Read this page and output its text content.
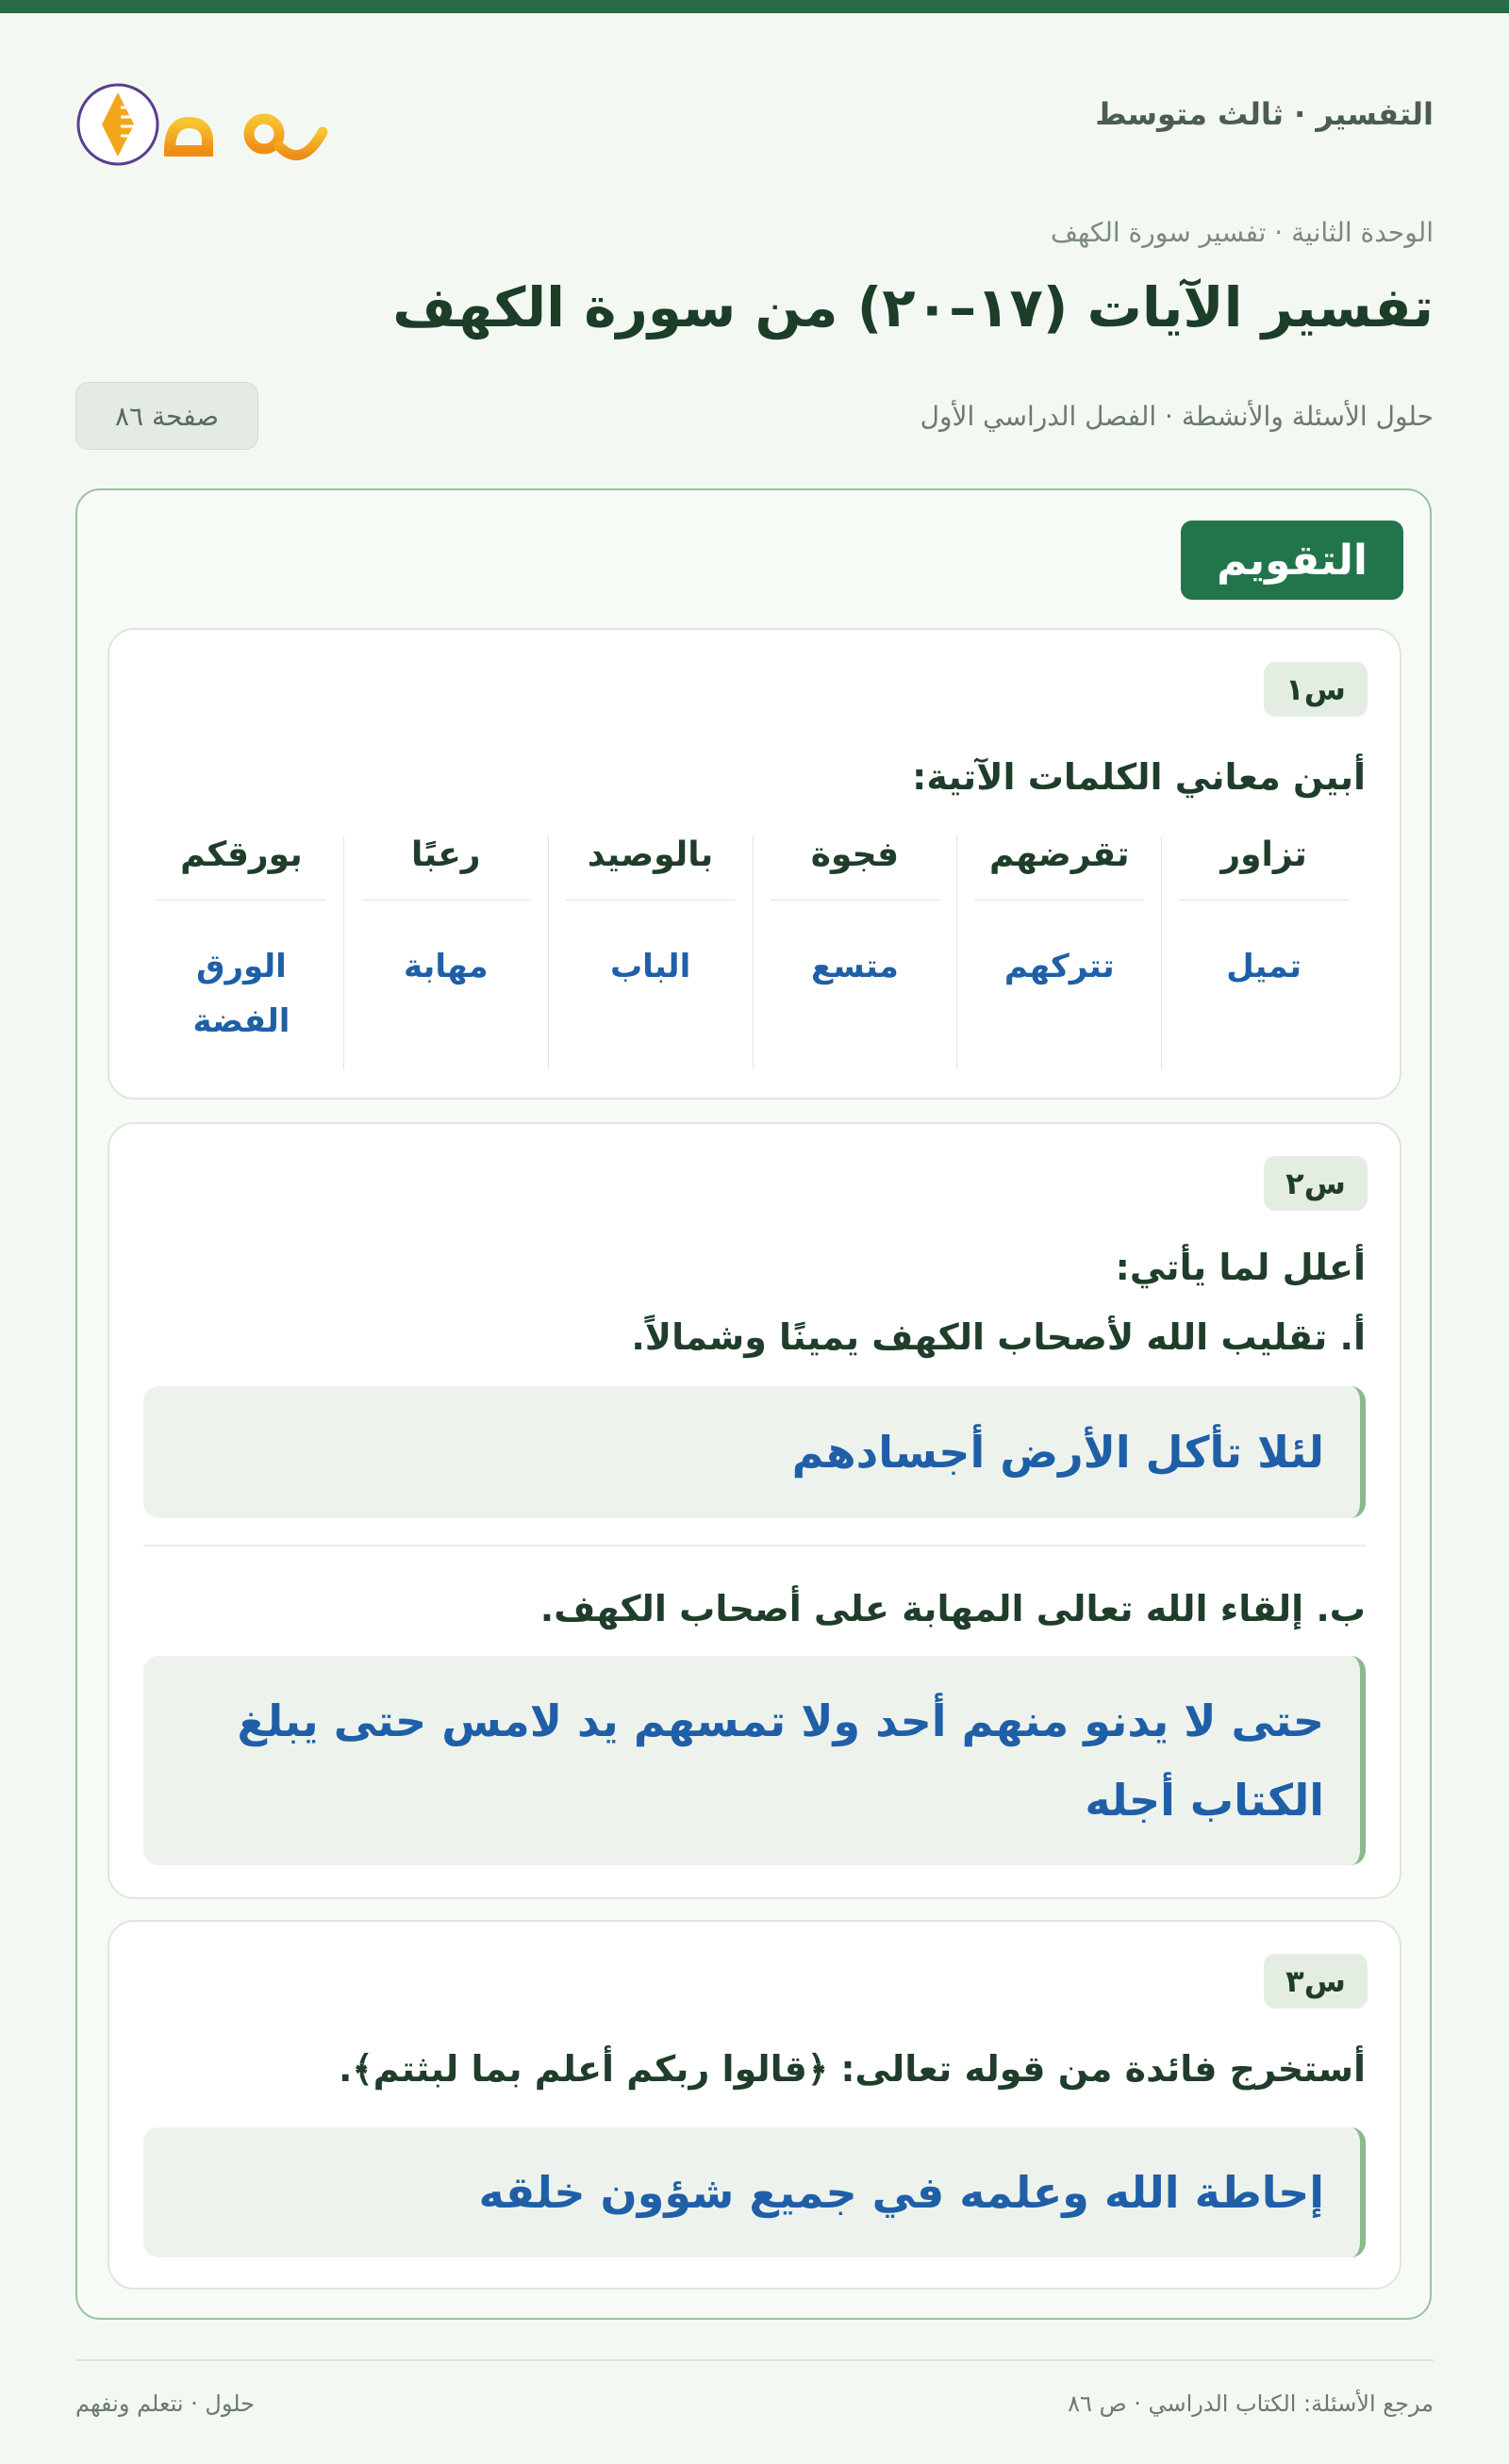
التفسير · ثالث متوسط
الوحدة الثانية · تفسير سورة الكهف
تفسير الآيات (١٧–٢٠) من سورة الكهف
حلول الأسئلة والأنشطة · الفصل الدراسي الأول
صفحة ٨٦
التقويم
س١
أبين معاني الكلمات الآتية:
تزاور
تميل
تقرضهم
تتركهم
فجوة
متسع
بالوصيد
الباب
رعبًا
مهابة
بورقكم
الورق
الفضة
س٢
أعلل لما يأتي:
أ. تقليب الله لأصحاب الكهف يمينًا وشمالاً.
لئلا تأكل الأرض أجسادهم
ب. إلقاء الله تعالى المهابة على أصحاب الكهف.
حتى لا يدنو منهم أحد ولا تمسهم يد لامس حتى يبلغ الكتاب أجله
س٣
أستخرج فائدة من قوله تعالى: ﴿قالوا ربكم أعلم بما لبثتم﴾.
إحاطة الله وعلمه في جميع شؤون خلقه
مرجع الأسئلة: الكتاب الدراسي · ص ٨٦
حلول · نتعلم ونفهم
